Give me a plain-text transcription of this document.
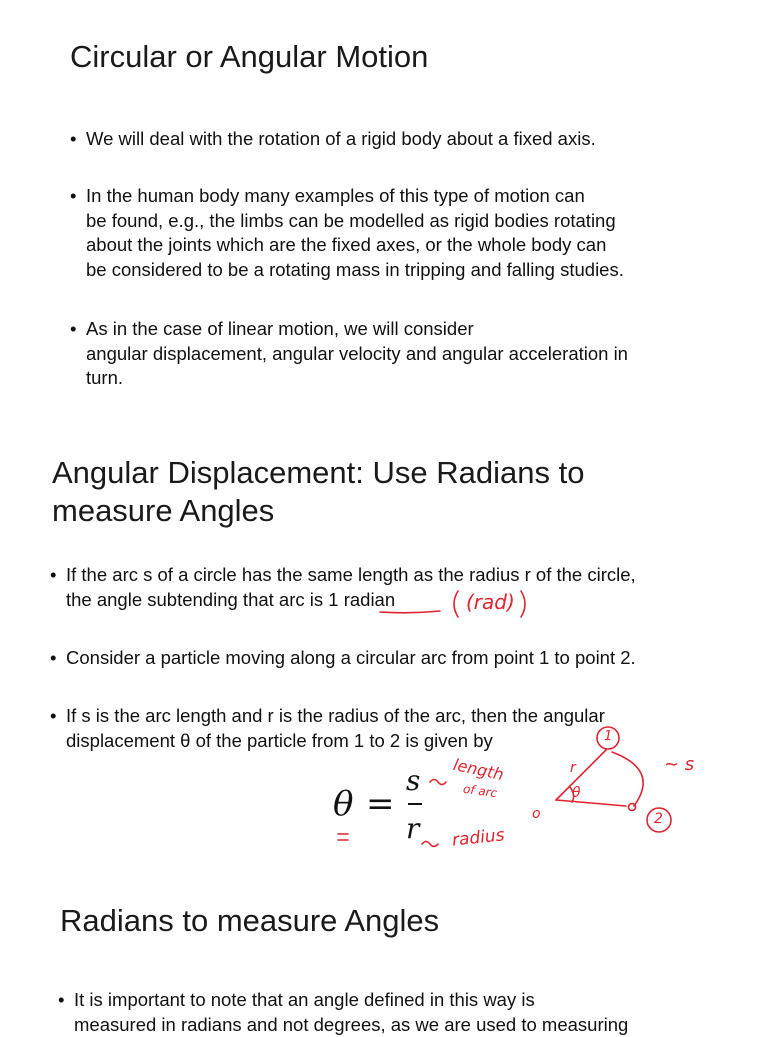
Circular or Angular Motion
• We will deal with the rotation of a rigid body about a fixed axis.
• In the human body many examples of this type of motion can
be found, e.g., the limbs can be modelled as rigid bodies rotating
about the joints which are the fixed axes, or the whole body can
be considered to be a rotating mass in tripping and falling studies.
• As in the case of linear motion, we will consider
angular displacement, angular velocity and angular acceleration in
turn.
Angular Displacement: Use Radians to
measure Angles
• If the arc s of a circle has the same length as the radius r of the circle,
the angle subtending that arc is 1 radian
• Consider a particle moving along a circular arc from point 1 to point 2.
• If s is the arc length and r is the radius of the arc, then the angular
displacement θ of the particle from 1 to 2 is given by
θ =
s
r
(rad)
length
of arc
radius
~ s
r
θ
1
2
o
Radians to measure Angles
• It is important to note that an angle defined in this way is
measured in radians and not degrees, as we are used to measuring
